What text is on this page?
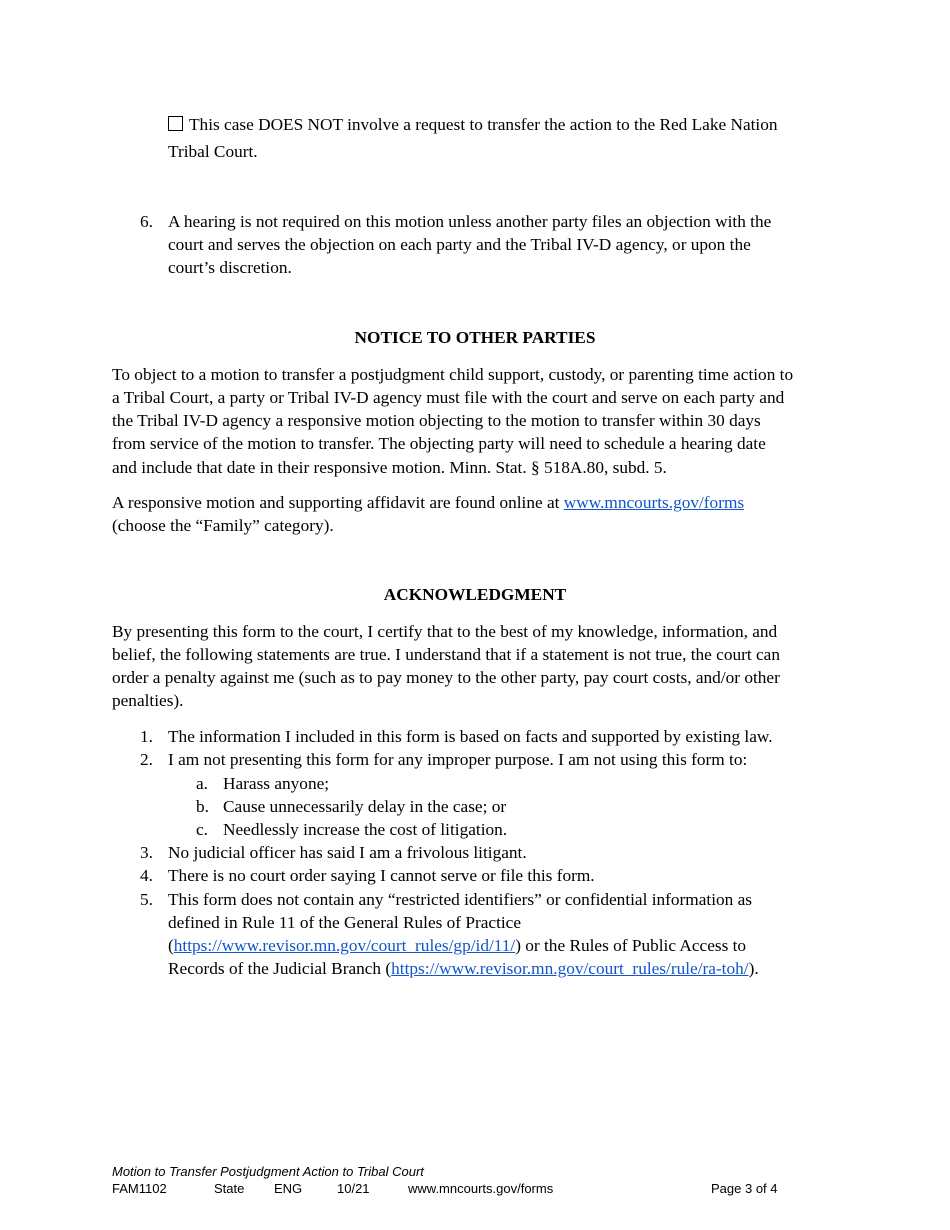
This case DOES NOT involve a request to transfer the action to the Red Lake Nation
Tribal Court.
6. A hearing is not required on this motion unless another party files an objection with the
court and serves the objection on each party and the Tribal IV-D agency, or upon the
court’s discretion.
NOTICE TO OTHER PARTIES
To object to a motion to transfer a postjudgment child support, custody, or parenting time action to
a Tribal Court, a party or Tribal IV-D agency must file with the court and serve on each party and
the Tribal IV-D agency a responsive motion objecting to the motion to transfer within 30 days
from service of the motion to transfer. The objecting party will need to schedule a hearing date
and include that date in their responsive motion. Minn. Stat. § 518A.80, subd. 5.
A responsive motion and supporting affidavit are found online at www.mncourts.gov/forms
(choose the “Family” category).
ACKNOWLEDGMENT
By presenting this form to the court, I certify that to the best of my knowledge, information, and
belief, the following statements are true. I understand that if a statement is not true, the court can
order a penalty against me (such as to pay money to the other party, pay court costs, and/or other
penalties).
1. The information I included in this form is based on facts and supported by existing law.
2. I am not presenting this form for any improper purpose. I am not using this form to:
a. Harass anyone;
b. Cause unnecessarily delay in the case; or
c. Needlessly increase the cost of litigation.
3. No judicial officer has said I am a frivolous litigant.
4. There is no court order saying I cannot serve or file this form.
5. This form does not contain any “restricted identifiers” or confidential information as
defined in Rule 11 of the General Rules of Practice
(https://www.revisor.mn.gov/court_rules/gp/id/11/) or the Rules of Public Access to
Records of the Judicial Branch (https://www.revisor.mn.gov/court_rules/rule/ra-toh/).
Motion to Transfer Postjudgment Action to Tribal Court
FAM1102	State ENG	10/21	www.mncourts.gov/forms	Page 3 of 4
